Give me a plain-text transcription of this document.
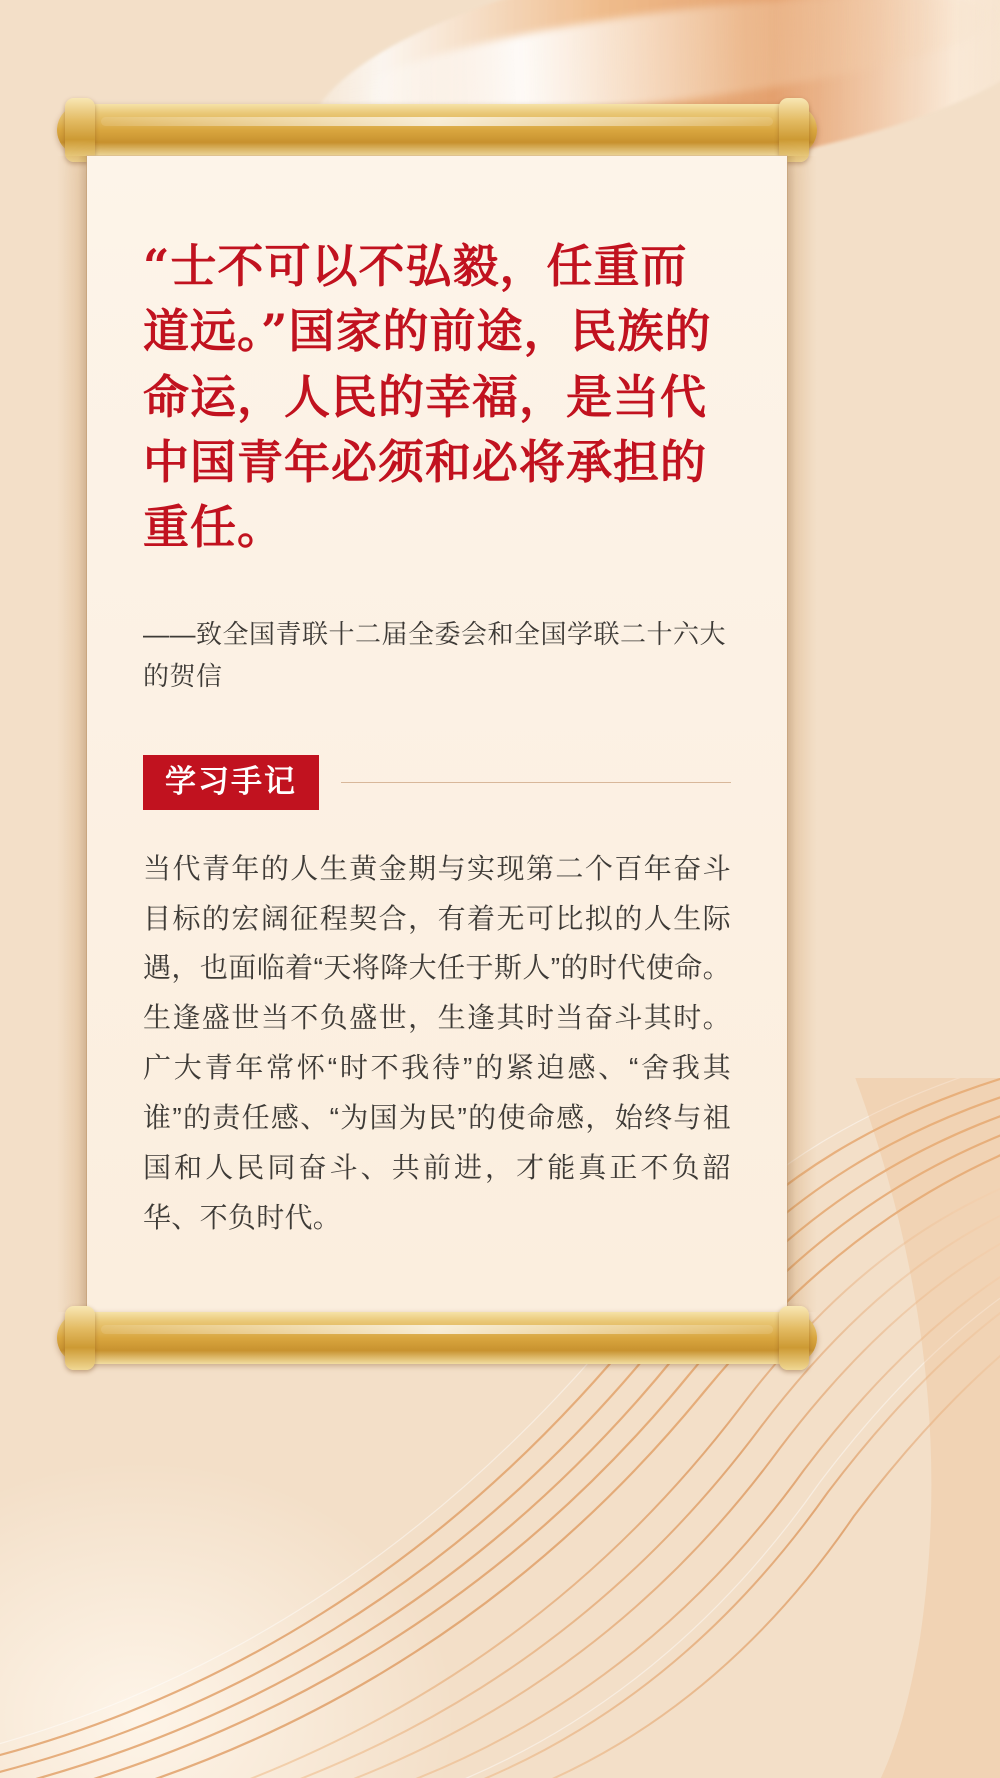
“士不可以不弘毅，任重而道远。”国家的前途，民族的命运，人民的幸福，是当代中国青年必须和必将承担的重任。

——致全国青联十二届全委会和全国学联二十六大的贺信

学习手记

当代青年的人生黄金期与实现第二个百年奋斗目标的宏阔征程契合，有着无可比拟的人生际遇，也面临着“天将降大任于斯人”的时代使命。生逢盛世当不负盛世，生逢其时当奋斗其时。广大青年常怀“时不我待”的紧迫感、“舍我其谁”的责任感、“为国为民”的使命感，始终与祖国和人民同奋斗、共前进，才能真正不负韶华、不负时代。
